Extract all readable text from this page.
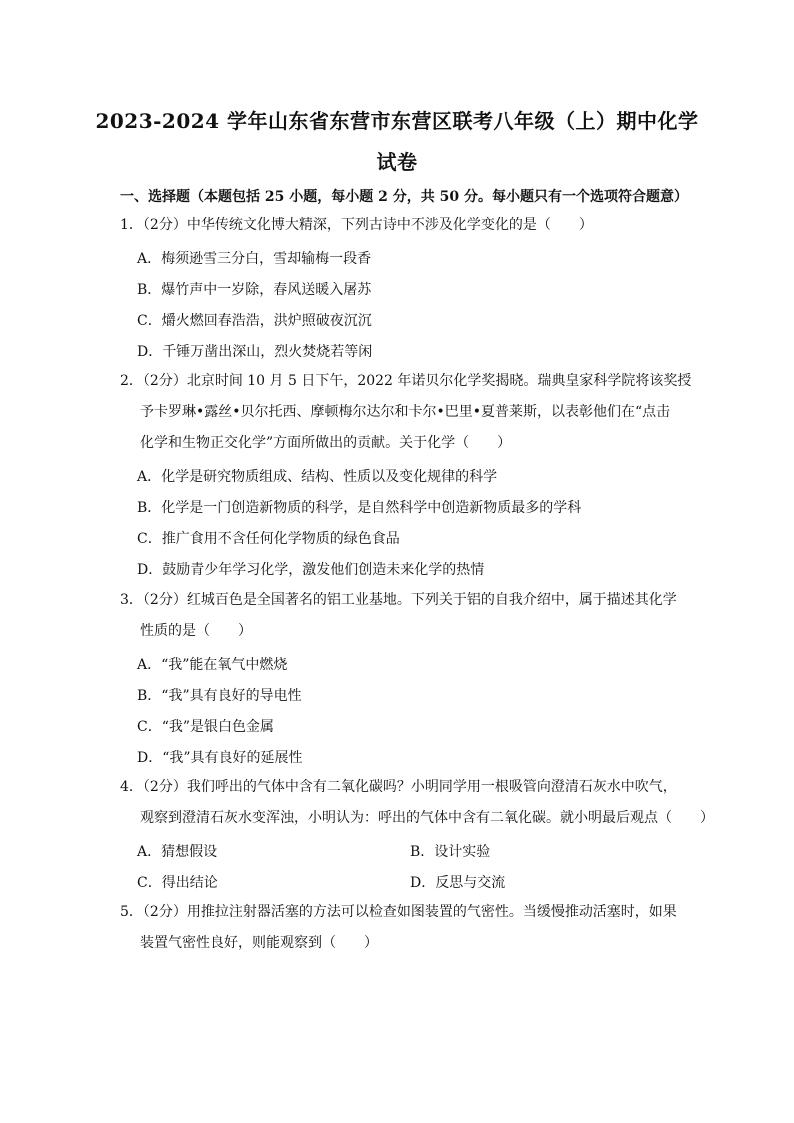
2023-2024 学年山东省东营市东营区联考八年级（上）期中化学
试卷
一、选择题（本题包括 25 小题，每小题 2 分，共 50 分。每小题只有一个选项符合题意）
1．（2分）中华传统文化博大精深，下列古诗中不涉及化学变化的是（　　）
A．梅须逊雪三分白，雪却输梅一段香
B．爆竹声中一岁除，春风送暖入屠苏
C．爝火燃回春浩浩，洪炉照破夜沉沉
D．千锤万凿出深山，烈火焚烧若等闲
2．（2分）北京时间 10 月 5 日下午，2022 年诺贝尔化学奖揭晓。瑞典皇家科学院将该奖授
予卡罗琳•露丝•贝尔托西、摩顿梅尔达尔和卡尔•巴里•夏普莱斯，以表彰他们在“点击
化学和生物正交化学”方面所做出的贡献。关于化学（　　）
A．化学是研究物质组成、结构、性质以及变化规律的科学
B．化学是一门创造新物质的科学，是自然科学中创造新物质最多的学科
C．推广食用不含任何化学物质的绿色食品
D．鼓励青少年学习化学，激发他们创造未来化学的热情
3．（2分）红城百色是全国著名的铝工业基地。下列关于铝的自我介绍中，属于描述其化学
性质的是（　　）
A．“我”能在氧气中燃烧
B．“我”具有良好的导电性
C．“我”是银白色金属
D．“我”具有良好的延展性
4．（2分）我们呼出的气体中含有二氧化碳吗？小明同学用一根吸管向澄清石灰水中吹气，
观察到澄清石灰水变浑浊，小明认为：呼出的气体中含有二氧化碳。就小明最后观点（　　）
A．猜想假设	B．设计实验
C．得出结论	D．反思与交流
5．（2分）用推拉注射器活塞的方法可以检查如图装置的气密性。当缓慢推动活塞时，如果
装置气密性良好，则能观察到（　　）
